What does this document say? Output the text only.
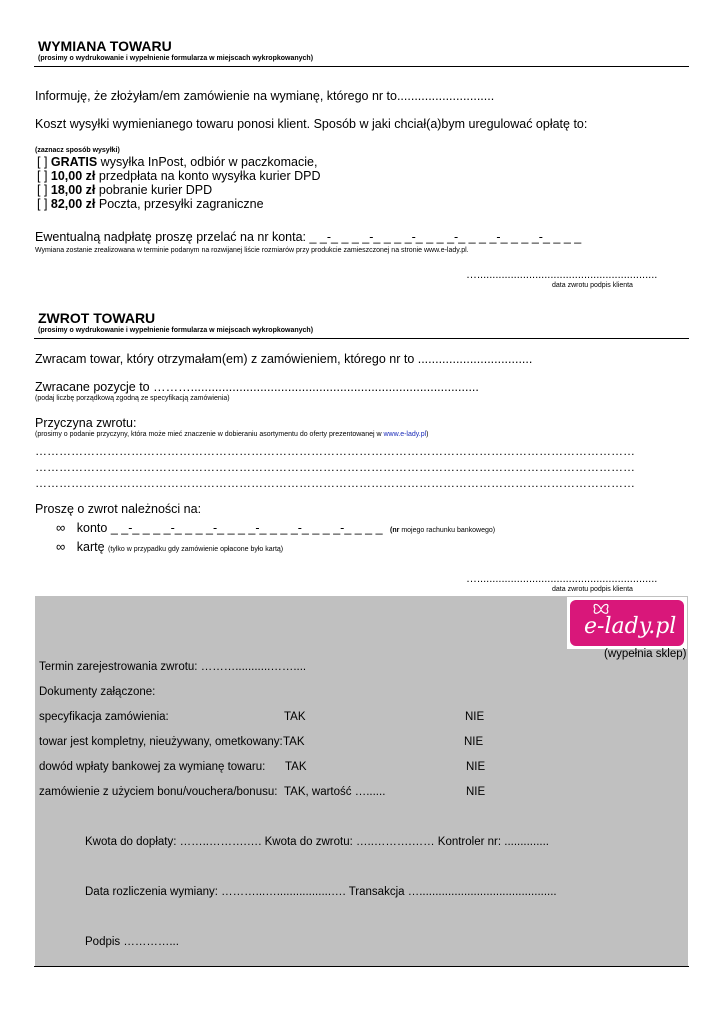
WYMIANA TOWARU
(prosimy o wydrukowanie i wypełnienie formularza w miejscach wykropkowanych)
Informuję, że złożyłam/em zamówienie na wymianę, którego nr to............................
Koszt wysyłki wymienianego towaru ponosi klient. Sposób w jaki chciał(a)bym uregulować opłatę to:
(zaznacz sposób wysyłki)
[ ] GRATIS wysyłka InPost, odbiór w paczkomacie,
[ ] 10,00 zł przedpłata na konto wysyłka kurier DPD
[ ] 18,00 zł pobranie kurier DPD
[ ] 82,00 zł Poczta, przesyłki zagraniczne
Ewentualną nadpłatę proszę przelać na nr konta: _ _-_ _ _ _-_ _ _ _-_ _ _ _-_ _ _ _-_ _ _ _-_ _ _ _
Wymiana zostanie zrealizowana w terminie podanym na rozwijanej liście rozmiarów przy produkcie zamieszczonej na stronie www.e-lady.pl.
…...........................................................
data zwrotu podpis klienta
ZWROT TOWARU
(prosimy o wydrukowanie i wypełnienie formularza w miejscach wykropkowanych)
Zwracam towar, który otrzymałam(em) z zamówieniem, którego nr to .................................
Zwracane pozycje to ………...................................................................................
(podaj liczbę porządkową zgodną ze specyfikacją zamówienia)
Przyczyna zwrotu:
(prosimy o podanie przyczyny, która może mieć znaczenie w dobieraniu asortymentu do oferty prezentowanej w www.e-lady.pl)
……………………………………………………………………………………………………………………………………
……………………………………………………………………………………………………………………………………
……………………………………………………………………………………………………………………………………
Proszę o zwrot należności na:
∞ konto _ _-_ _ _ _-_ _ _ _-_ _ _ _-_ _ _ _-_ _ _ _-_ _ _ _ (nr mojego rachunku bankowego)
∞ kartę (tylko w przypadku gdy zamówienie opłacone było kartą)
…...........................................................
data zwrotu podpis klienta
e-lady.pl
(wypełnia sklep)
Termin zarejestrowania zwrotu: ………...........……....
Dokumenty załączone:
specyfikacja zamówienia:	TAK	NIE
towar jest kompletny, nieużywany, ometkowany: TAK	NIE
dowód wpłaty bankowej za wymianę towaru: TAK	NIE
zamówienie z użyciem bonu/vouchera/bonusu: TAK, wartość …......	NIE
Kwota do dopłaty: ……..……….…. Kwota do zwrotu: …..……….…… Kontroler nr: ..............
Data rozliczenia wymiany: ………...….................…. Transakcja …...........................................
Podpis …………...
